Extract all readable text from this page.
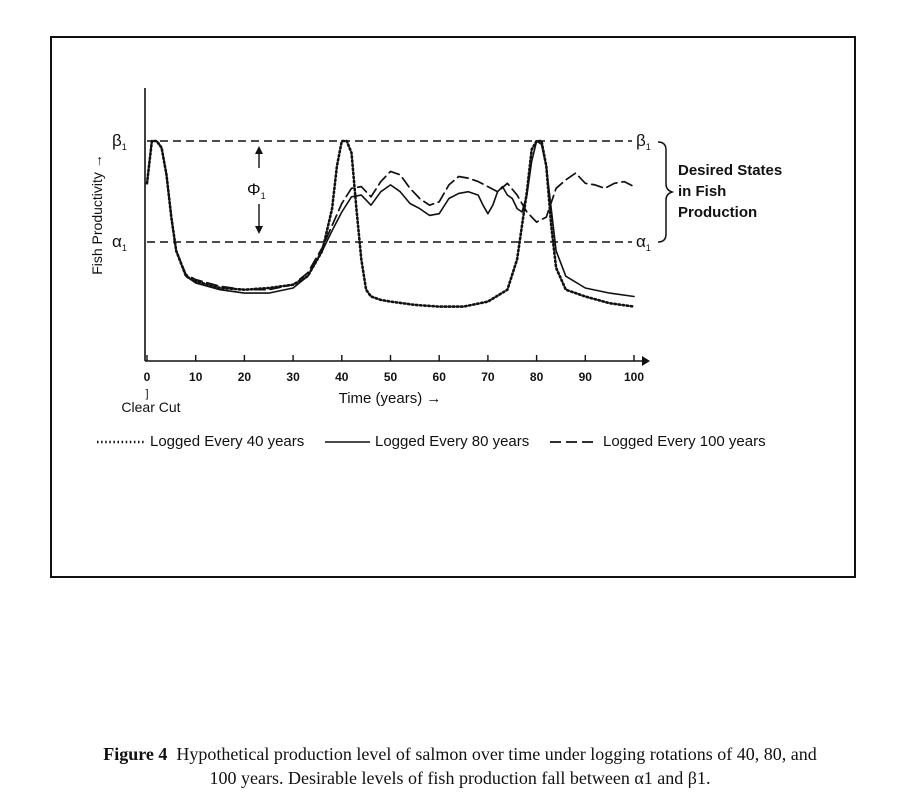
0	10	20	30	40	50	60	70	80	90	100
]
Clear Cut	Time (years) →
Fish Productivity →
$\beta_1$	$\beta_1$
$\alpha_1$	$\alpha_1$
$\Phi_1$
Desired States
in Fish
Production
Logged Every 40 years	Logged Every 80 years	Logged Every 100 years
Figure 4 Hypothetical production level of salmon over time under logging rotations of 40, 80, and
100 years. Desirable levels of fish production fall between α1 and β1.
